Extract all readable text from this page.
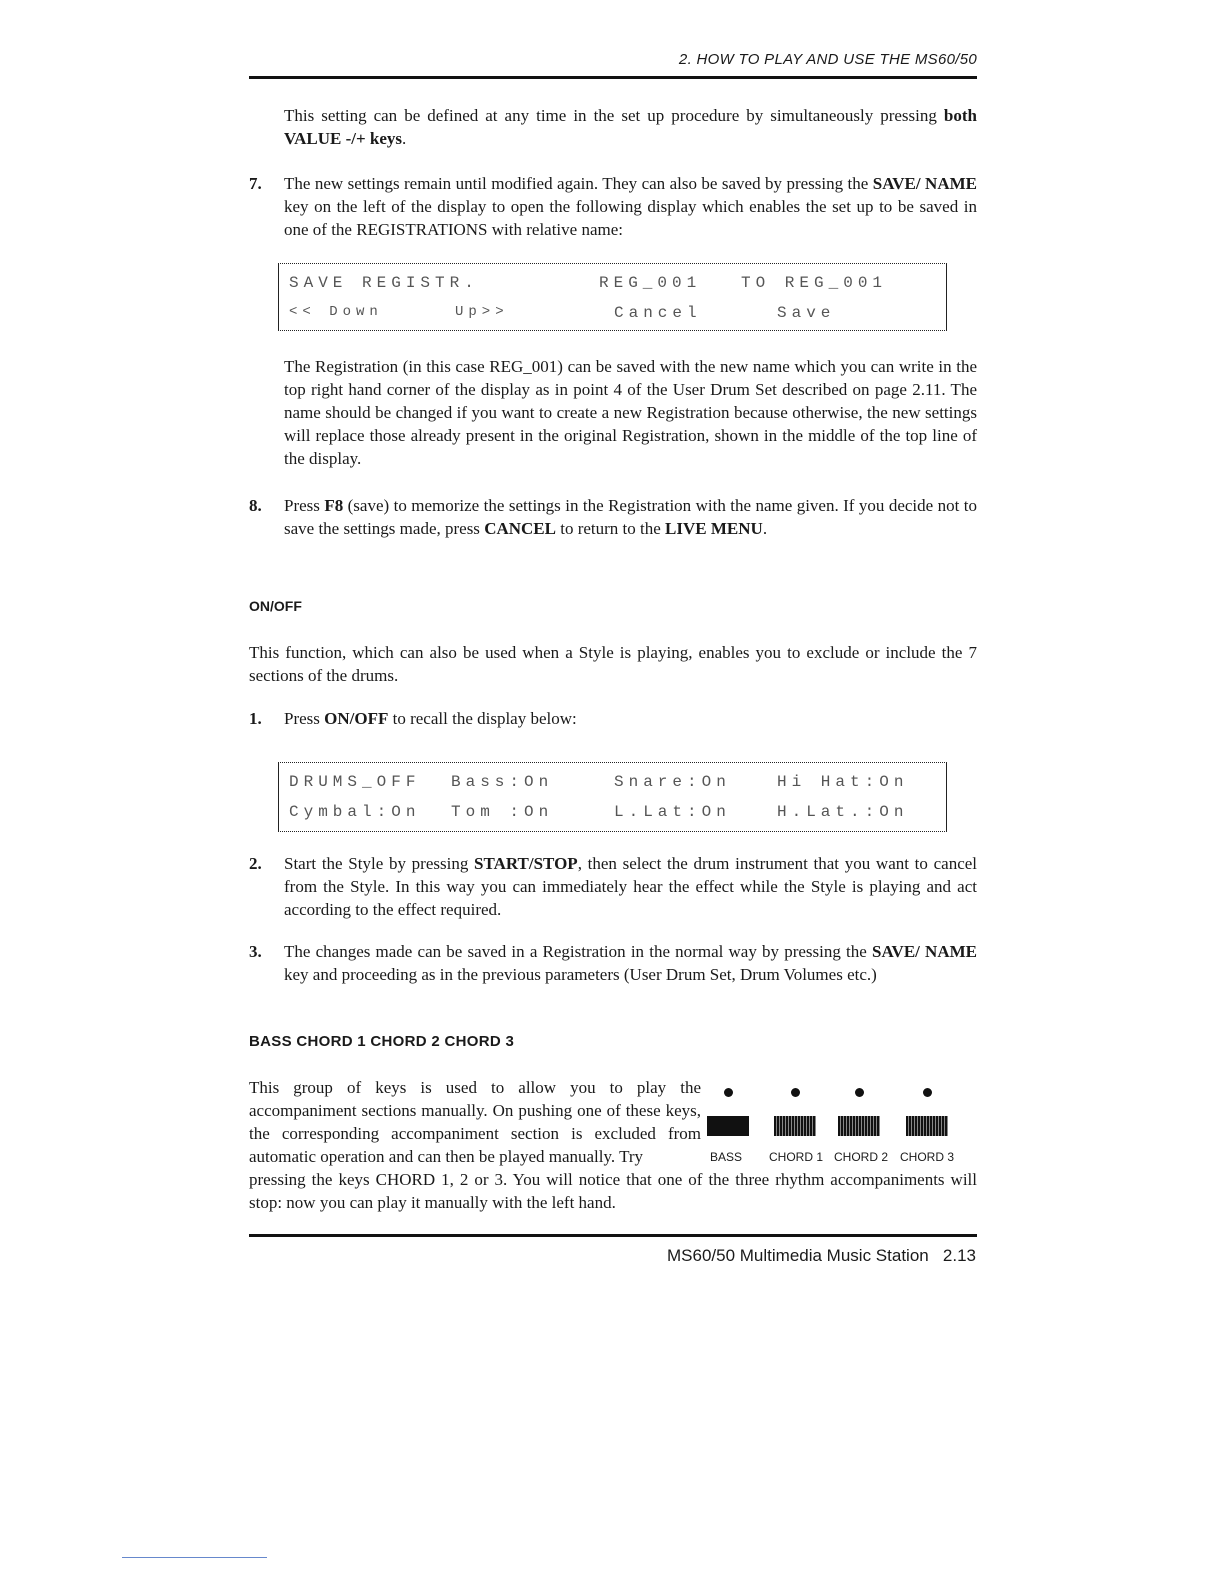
2. HOW TO PLAY AND USE THE MS60/50

This setting can be defined at any time in the set up procedure by simultaneously pressing both VALUE -/+ keys.

7. The new settings remain until modified again. They can also be saved by pressing the SAVE/ NAME key on the left of the display to open the following display which enables the set up to be saved in one of the REGISTRATIONS with relative name:

SAVE REGISTR.	REG_001 TO REG_001
<< Down	Up>>	Cancel	Save

The Registration (in this case REG_001) can be saved with the new name which you can write in the top right hand corner of the display as in point 4 of the User Drum Set described on page 2.11. The name should be changed if you want to create a new Registration because otherwise, the new settings will replace those already present in the original Registration, shown in the middle of the top line of the display.

8. Press F8 (save) to memorize the settings in the Registration with the name given. If you decide not to save the settings made, press CANCEL to return to the LIVE MENU.

ON/OFF

This function, which can also be used when a Style is playing, enables you to exclude or include the 7 sections of the drums.

1. Press ON/OFF to recall the display below:

DRUMS_OFF Bass:On	Snare:On	Hi Hat:On
Cymbal:On Tom :On	L.Lat:On	H.Lat.:On
2. Start the Style by pressing START/STOP, then select the drum instrument that you want to cancel from the Style. In this way you can immediately hear the effect while the Style is playing and act according to the effect required.

3. The changes made can be saved in a Registration in the normal way by pressing the SAVE/ NAME key and proceeding as in the previous parameters (User Drum Set, Drum Volumes etc.)

BASS CHORD 1 CHORD 2 CHORD 3

This group of keys is used to allow you to play the accompaniment sections manually. On pushing one of these keys, the corresponding accompaniment section is excluded from automatic operation and can then be played manually. Try

pressing the keys CHORD 1, 2 or 3. You will notice that one of the three rhythm accompaniments will stop: now you can play it manually with the left hand.

BASS CHORD 1 CHORD 2 CHORD 3
MS60/50 Multimedia Music Station 2.13
